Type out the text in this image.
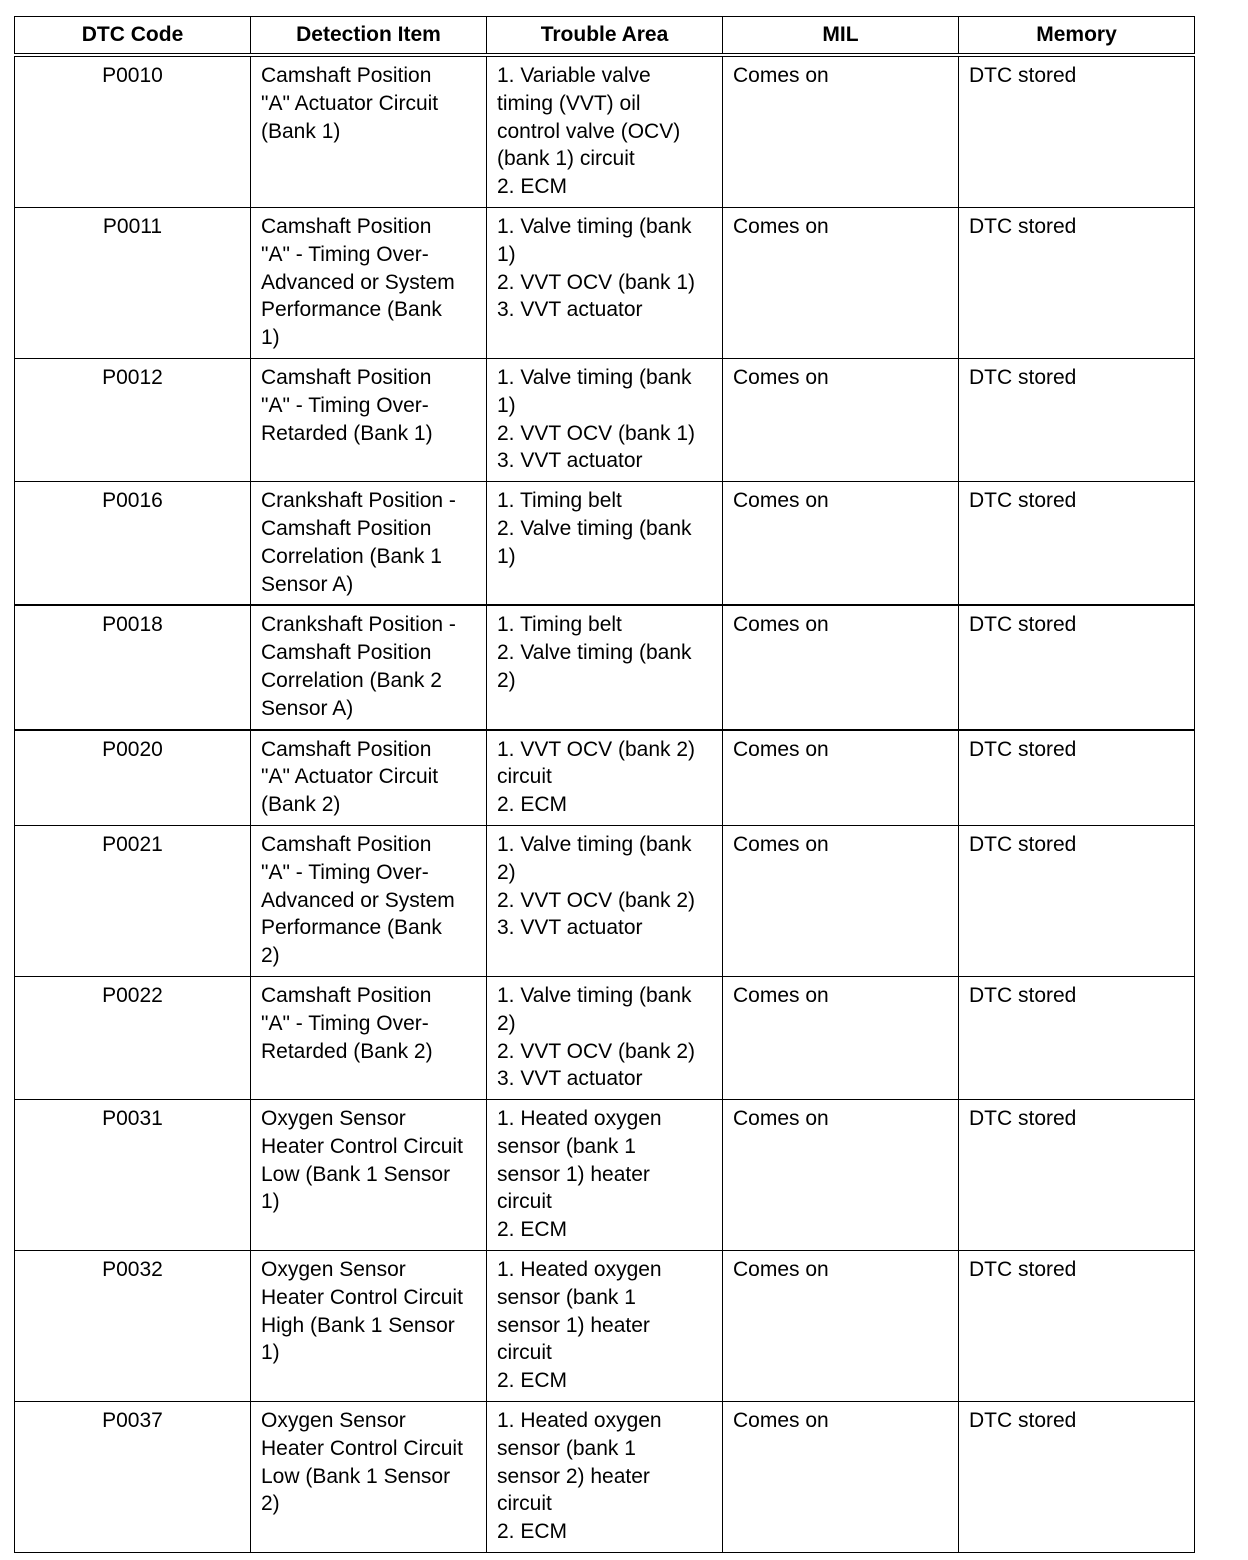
DTC Code	Detection Item	Trouble Area	MIL	Memory
P0010	Camshaft Position
"A" Actuator Circuit
(Bank 1)	1. Variable valve
timing (VVT) oil
control valve (OCV)
(bank 1) circuit
2. ECM	Comes on	DTC stored
P0011	Camshaft Position
"A" - Timing Over-
Advanced or System
Performance (Bank
1)	1. Valve timing (bank
1)
2. VVT OCV (bank 1)
3. VVT actuator	Comes on	DTC stored
P0012	Camshaft Position
"A" - Timing Over-
Retarded (Bank 1)	1. Valve timing (bank
1)
2. VVT OCV (bank 1)
3. VVT actuator	Comes on	DTC stored
P0016	Crankshaft Position -
Camshaft Position
Correlation (Bank 1
Sensor A)	1. Timing belt
2. Valve timing (bank
1)	Comes on	DTC stored
P0018	Crankshaft Position -
Camshaft Position
Correlation (Bank 2
Sensor A)	1. Timing belt
2. Valve timing (bank
2)	Comes on	DTC stored
P0020	Camshaft Position
"A" Actuator Circuit
(Bank 2)	1. VVT OCV (bank 2)
circuit
2. ECM	Comes on	DTC stored
P0021	Camshaft Position
"A" - Timing Over-
Advanced or System
Performance (Bank
2)	1. Valve timing (bank
2)
2. VVT OCV (bank 2)
3. VVT actuator	Comes on	DTC stored
P0022	Camshaft Position
"A" - Timing Over-
Retarded (Bank 2)	1. Valve timing (bank
2)
2. VVT OCV (bank 2)
3. VVT actuator	Comes on	DTC stored
P0031	Oxygen Sensor
Heater Control Circuit
Low (Bank 1 Sensor
1)	1. Heated oxygen
sensor (bank 1
sensor 1) heater
circuit
2. ECM	Comes on	DTC stored
P0032	Oxygen Sensor
Heater Control Circuit
High (Bank 1 Sensor
1)	1. Heated oxygen
sensor (bank 1
sensor 1) heater
circuit
2. ECM	Comes on	DTC stored
P0037	Oxygen Sensor
Heater Control Circuit
Low (Bank 1 Sensor
2)	1. Heated oxygen
sensor (bank 1
sensor 2) heater
circuit
2. ECM	Comes on	DTC stored
